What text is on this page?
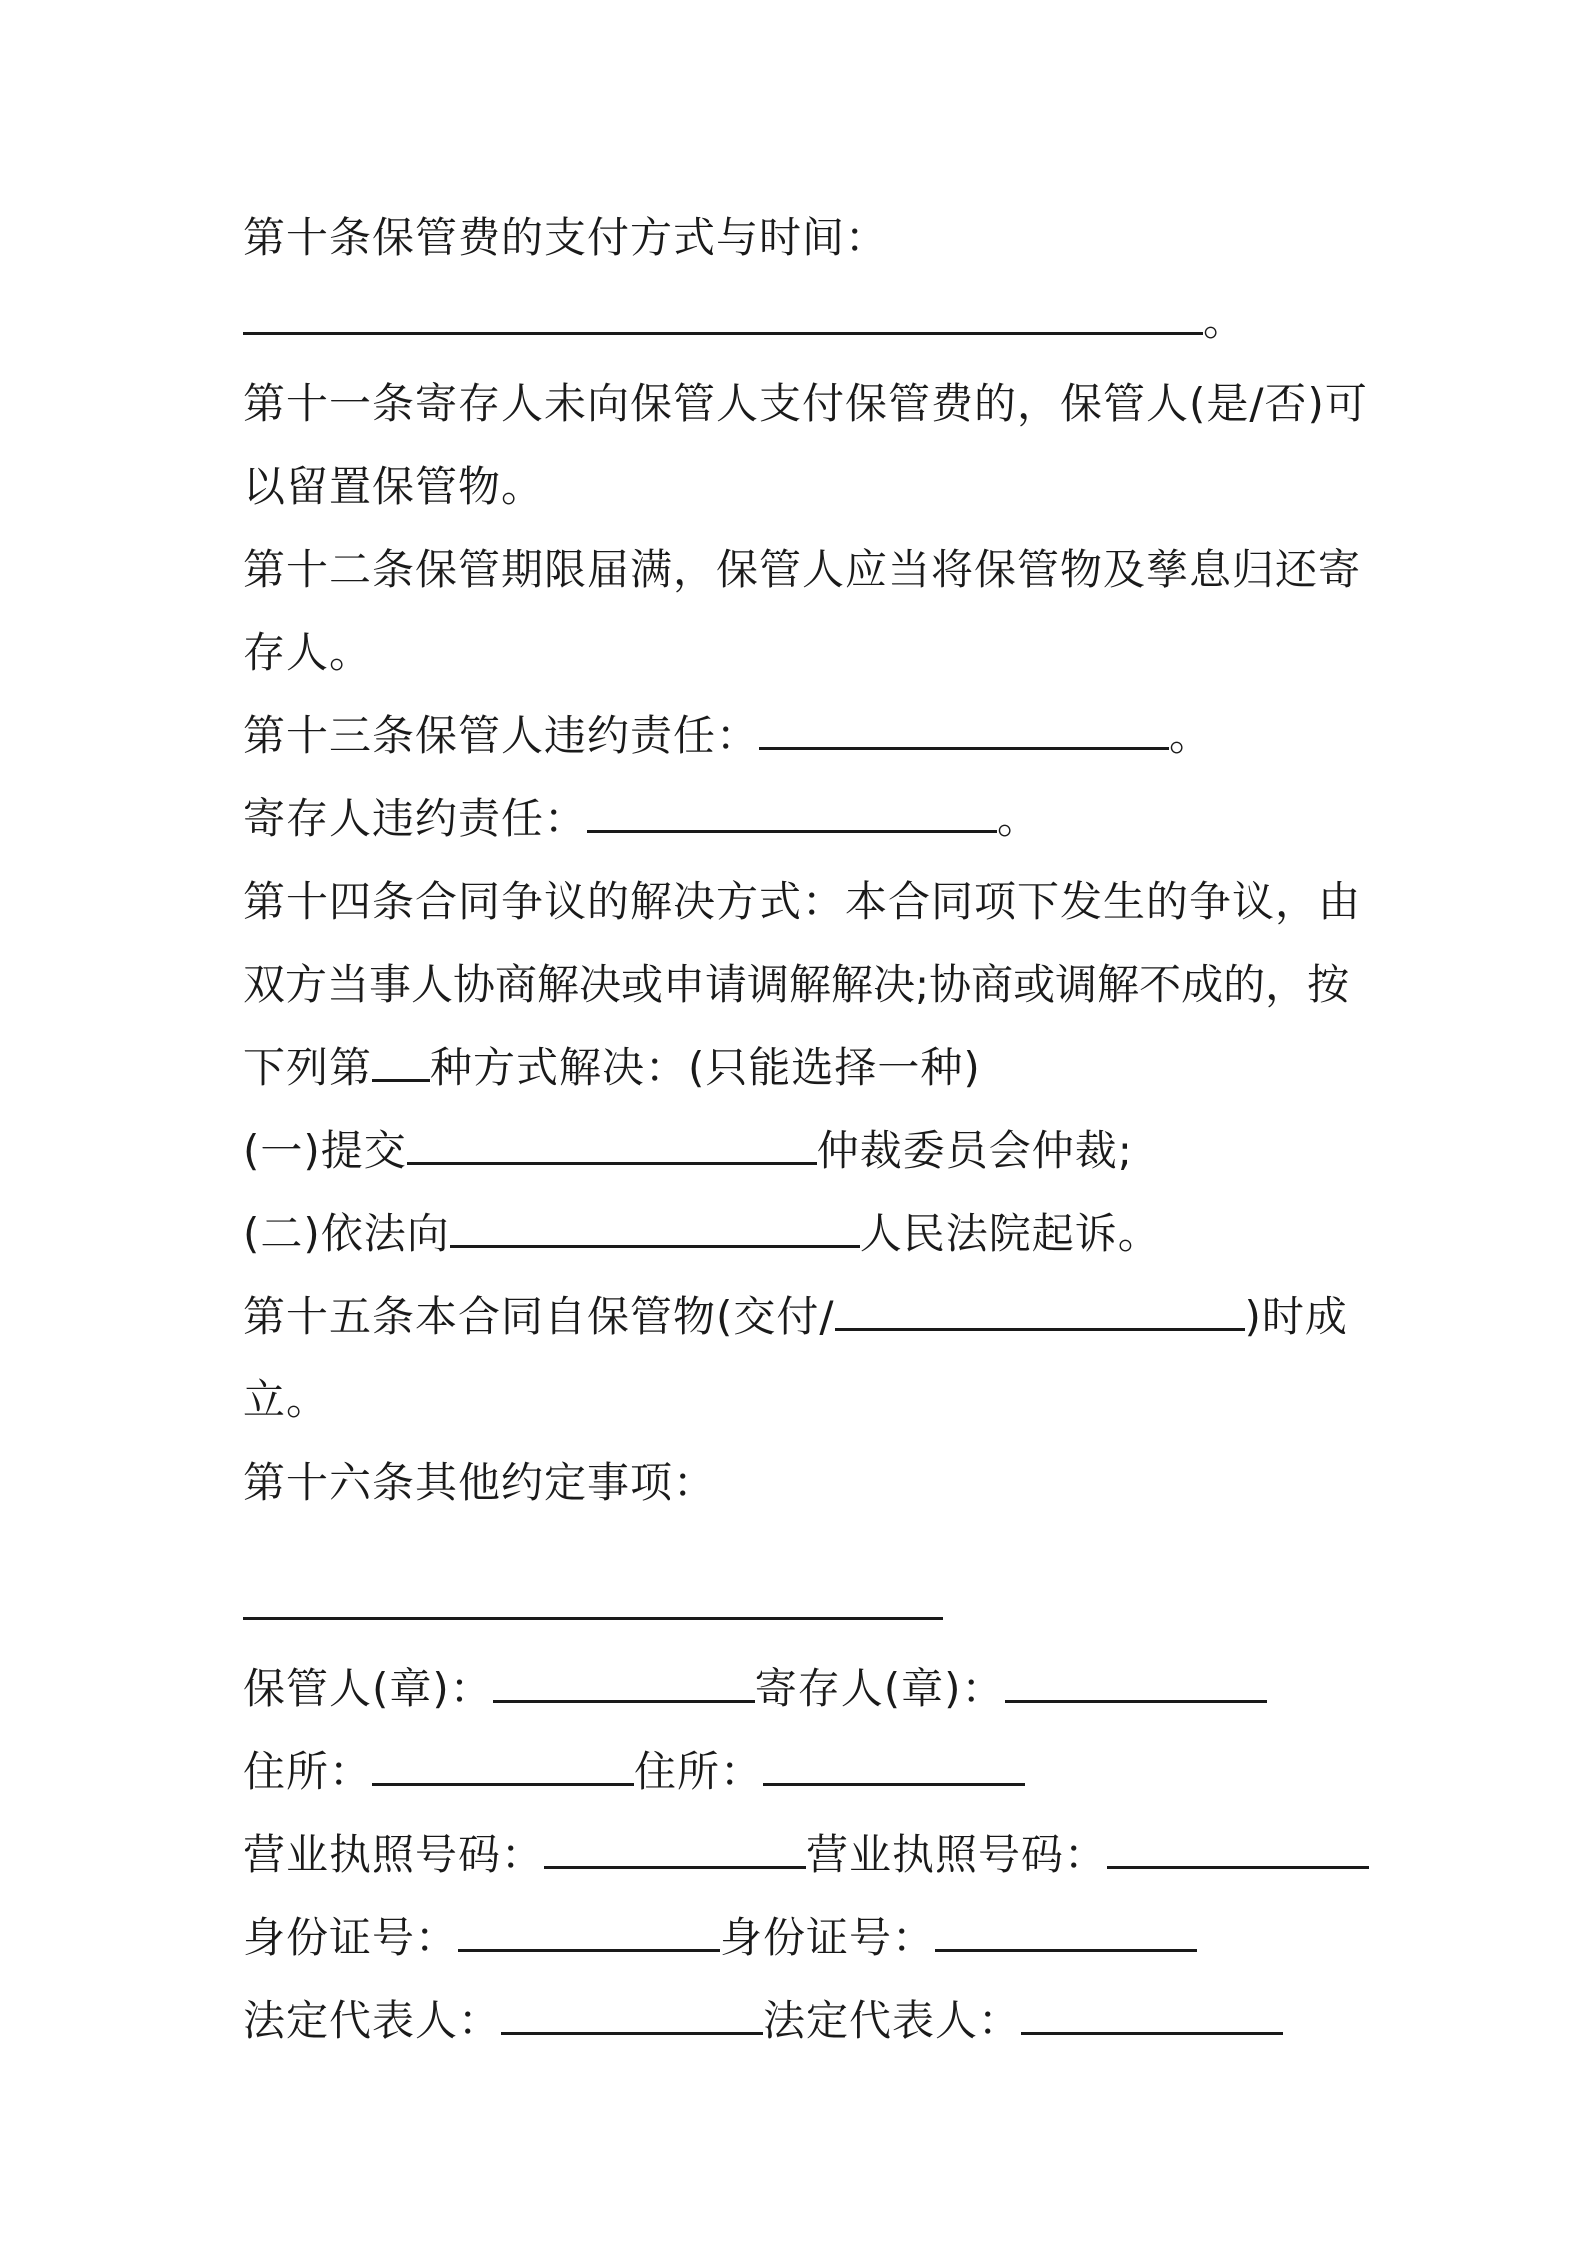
第十条保管费的支付方式与时间：
。
第十一条寄存人未向保管人支付保管费的，保管人(是/否)可
以留置保管物。
第十二条保管期限届满，保管人应当将保管物及孳息归还寄
存人。
第十三条保管人违约责任：	。
寄存人违约责任：	。
第十四条合同争议的解决方式：本合同项下发生的争议，由
双方当事人协商解决或申请调解解决;协商或调解不成的，按
下列第 种方式解决：(只能选择一种)
(一)提交	仲裁委员会仲裁;
(二)依法向	人民法院起诉。
第十五条本合同自保管物(交付/	)时成
立。
第十六条其他约定事项：
保管人(章)：	寄存人(章)：
住所：	住所：
营业执照号码：	营业执照号码：
身份证号：	身份证号：
法定代表人：	法定代表人：
